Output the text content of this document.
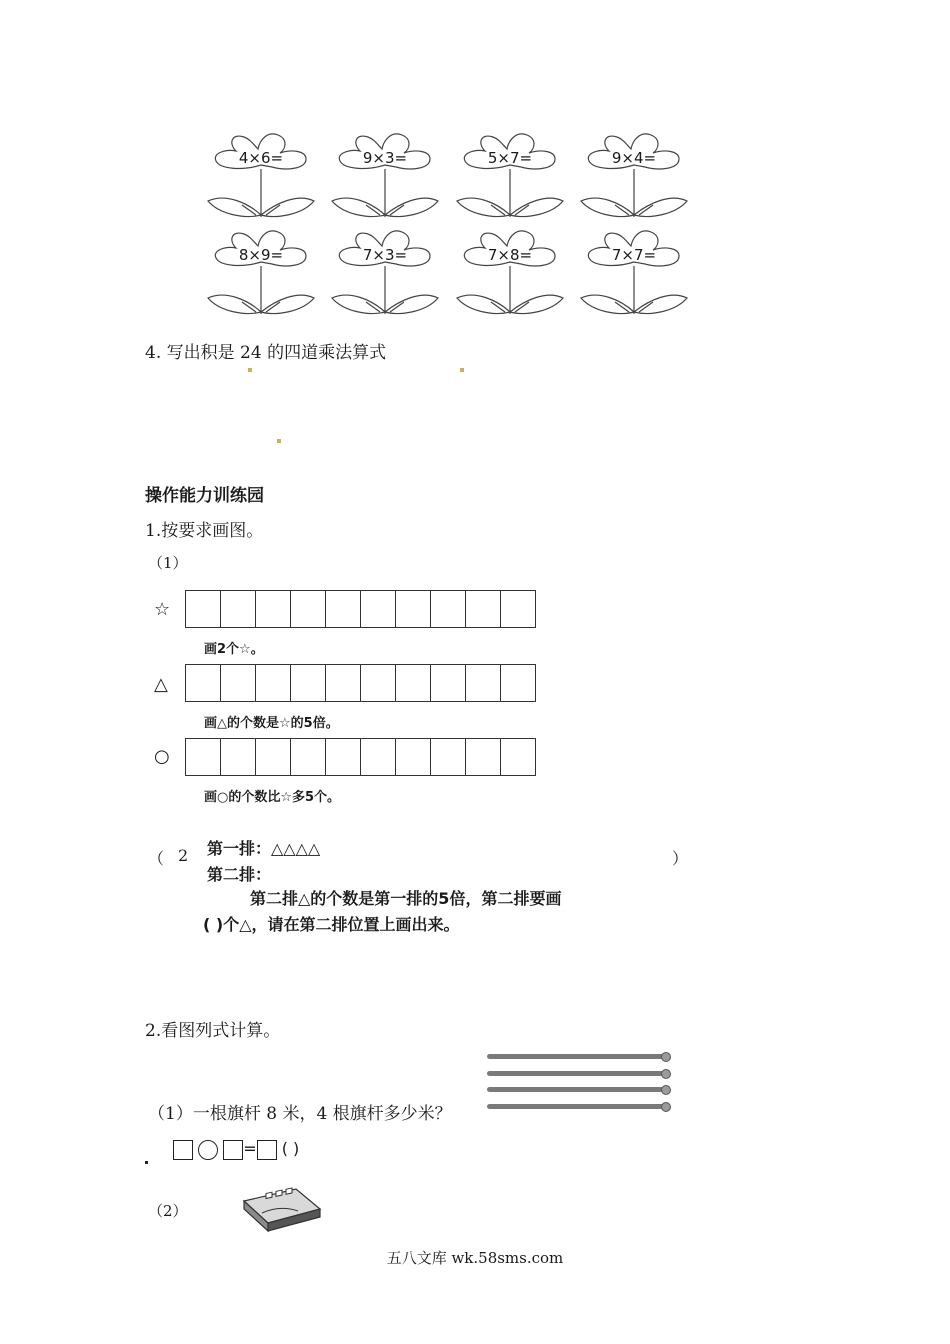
4×6=	9×3=	5×7=	9×4=
8×9=	7×3=	7×8=	7×7=
4. 写出积是 24 的四道乘法算式
操作能力训练园
1.按要求画图。
（1）
☆
画2个☆。
△
画△的个数是☆的5倍。
○
画○的个数比☆多5个。
（ 2	）
第一排：△△△△
第二排：
第二排△的个数是第一排的5倍，第二排要画
( )个△，请在第二排位置上画出来。
2.看图列式计算。
（1）一根旗杆 8 米，4 根旗杆多少米？
= ( )
（2）
五八文库 wk.58sms.com
